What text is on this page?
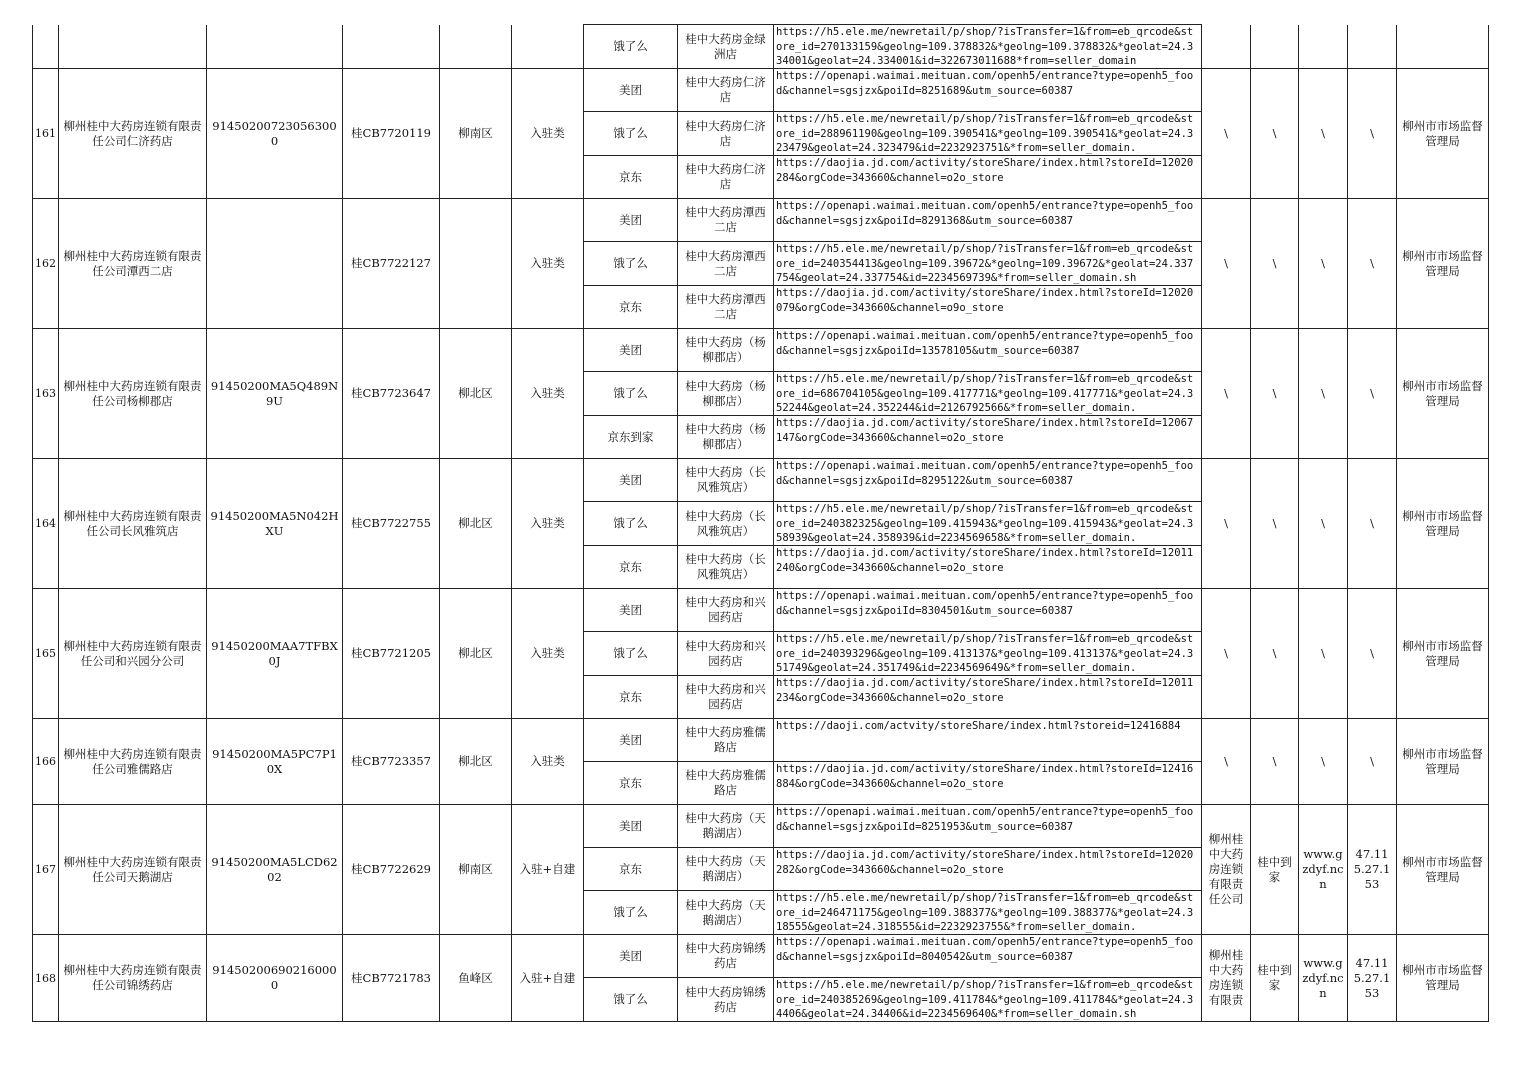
						饿了么	桂中大药房金绿洲店	https://h5.ele.me/newretail/p/shop/?isTransfer=1&from=eb_qrcode&store_id=270133159&geolng=109.378832&*geolng=109.378832&*geolat=24.334001&geolat=24.334001&id=322673011688*from=seller_domain					

161	柳州桂中大药房连锁有限责任公司仁济药店	914502007230563000	桂CB7720119	柳南区	入驻类	美团	桂中大药房仁济店	https://openapi.waimai.meituan.com/openh5/entrance?type=openh5_food&channel=sgsjzx&poiId=8251689&utm_source=60387	\	\	\	\	柳州市市场监督管理局
						饿了么	桂中大药房仁济店	https://h5.ele.me/newretail/p/shop/?isTransfer=1&from=eb_qrcode&store_id=288961190&geolng=109.390541&*geolng=109.390541&*geolat=24.323479&geolat=24.323479&id=2232923751&*from=seller_domain.					

						京东	桂中大药房仁济店	https://daojia.jd.com/activity/storeShare/index.html?storeId=12020284&orgCode=343660&channel=o2o_store					

162	柳州桂中大药房连锁有限责任公司潭西二店		桂CB7722127		入驻类	美团	桂中大药房潭西二店	https://openapi.waimai.meituan.com/openh5/entrance?type=openh5_food&channel=sgsjzx&poiId=8291368&utm_source=60387	\	\	\	\	柳州市市场监督管理局
						饿了么	桂中大药房潭西二店	https://h5.ele.me/newretail/p/shop/?isTransfer=1&from=eb_qrcode&store_id=240354413&geolng=109.39672&*geolng=109.39672&*geolat=24.337754&geolat=24.337754&id=2234569739&*from=seller_domain.sh					

						京东	桂中大药房潭西二店	https://daojia.jd.com/activity/storeShare/index.html?storeId=12020079&orgCode=343660&channel=o9o_store					

163	柳州桂中大药房连锁有限责任公司杨柳郡店	91450200MA5Q489N9U	桂CB7723647	柳北区	入驻类	美团	桂中大药房（杨柳郡店）	https://openapi.waimai.meituan.com/openh5/entrance?type=openh5_food&channel=sgsjzx&poiId=13578105&utm_source=60387	\	\	\	\	柳州市市场监督管理局
						饿了么	桂中大药房（杨柳郡店）	https://h5.ele.me/newretail/p/shop/?isTransfer=1&from=eb_qrcode&store_id=686704105&geolng=109.417771&*geolng=109.417771&*geolat=24.352244&geolat=24.352244&id=2126792566&*from=seller_domain.					

						京东到家	桂中大药房（杨柳郡店）	https://daojia.jd.com/activity/storeShare/index.html?storeId=12067147&orgCode=343660&channel=o2o_store					

164	柳州桂中大药房连锁有限责任公司长风雅筑店	91450200MA5N042HXU	桂CB7722755	柳北区	入驻类	美团	桂中大药房（长风雅筑店）	https://openapi.waimai.meituan.com/openh5/entrance?type=openh5_food&channel=sgsjzx&poiId=8295122&utm_source=60387	\	\	\	\	柳州市市场监督管理局
						饿了么	桂中大药房（长风雅筑店）	https://h5.ele.me/newretail/p/shop/?isTransfer=1&from=eb_qrcode&store_id=240382325&geolng=109.415943&*geolng=109.415943&*geolat=24.358939&geolat=24.358939&id=2234569658&*from=seller_domain.					

						京东	桂中大药房（长风雅筑店）	https://daojia.jd.com/activity/storeShare/index.html?storeId=12011240&orgCode=343660&channel=o2o_store					

165	柳州桂中大药房连锁有限责任公司和兴园分公司	91450200MAA7TFBX0J	桂CB7721205	柳北区	入驻类	美团	桂中大药房和兴园药店	https://openapi.waimai.meituan.com/openh5/entrance?type=openh5_food&channel=sgsjzx&poiId=8304501&utm_source=60387	\	\	\	\	柳州市市场监督管理局
						饿了么	桂中大药房和兴园药店	https://h5.ele.me/newretail/p/shop/?isTransfer=1&from=eb_qrcode&store_id=240393296&geolng=109.413137&*geolng=109.413137&*geolat=24.351749&geolat=24.351749&id=2234569649&*from=seller_domain.					

						京东	桂中大药房和兴园药店	https://daojia.jd.com/activity/storeShare/index.html?storeId=12011234&orgCode=343660&channel=o2o_store					

166	柳州桂中大药房连锁有限责任公司雅儒路店	91450200MA5PC7P10X	桂CB7723357	柳北区	入驻类	美团	桂中大药房雅儒路店	https://daoji.com/actvity/storeShare/index.html?storeid=12416884	\	\	\	\	柳州市市场监督管理局
						京东	桂中大药房雅儒路店	https://daojia.jd.com/activity/storeShare/index.html?storeId=12416884&orgCode=343660&channel=o2o_store					

167	柳州桂中大药房连锁有限责任公司天鹅湖店	91450200MA5LCD6202	桂CB7722629	柳南区	入驻+自建	美团	桂中大药房（天鹅湖店）	https://openapi.waimai.meituan.com/openh5/entrance?type=openh5_food&channel=sgsjzx&poiId=8251953&utm_source=60387	柳州桂中大药房连锁有限责任公司	桂中到家	www.gzdyf.ncn	47.115.27.153	柳州市市场监督管理局
						京东	桂中大药房（天鹅湖店）	https://daojia.jd.com/activity/storeShare/index.html?storeId=12020282&orgCode=343660&channel=o2o_store					

						饿了么	桂中大药房（天鹅湖店）	https://h5.ele.me/newretail/p/shop/?isTransfer=1&from=eb_qrcode&store_id=246471175&geolng=109.388377&*geolng=109.388377&*geolat=24.318555&geolat=24.318555&id=2232923755&*from=seller_domain.					

168	柳州桂中大药房连锁有限责任公司锦绣药店	914502006902160000	桂CB7721783	鱼峰区	入驻+自建	美团	桂中大药房锦绣药店	https://openapi.waimai.meituan.com/openh5/entrance?type=openh5_food&channel=sgsjzx&poiId=8040542&utm_source=60387	柳州桂中大药房连锁有限责	桂中到家	www.gzdyf.ncn	47.115.27.153	柳州市市场监督管理局
						饿了么	桂中大药房锦绣药店	https://h5.ele.me/newretail/p/shop/?isTransfer=1&from=eb_qrcode&store_id=240385269&geolng=109.411784&*geolng=109.411784&*geolat=24.34406&geolat=24.34406&id=2234569640&*from=seller_domain.sh					
